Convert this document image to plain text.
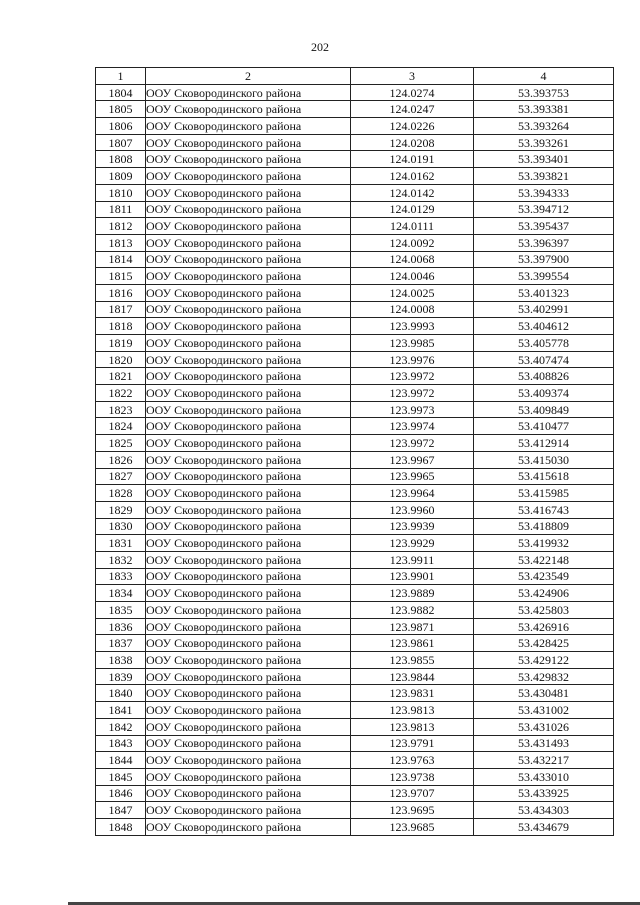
202
1	2	3	4
1804	ООУ Сковородинского района	124.0274	53.393753
1805	ООУ Сковородинского района	124.0247	53.393381
1806	ООУ Сковородинского района	124.0226	53.393264
1807	ООУ Сковородинского района	124.0208	53.393261
1808	ООУ Сковородинского района	124.0191	53.393401
1809	ООУ Сковородинского района	124.0162	53.393821
1810	ООУ Сковородинского района	124.0142	53.394333
1811	ООУ Сковородинского района	124.0129	53.394712
1812	ООУ Сковородинского района	124.0111	53.395437
1813	ООУ Сковородинского района	124.0092	53.396397
1814	ООУ Сковородинского района	124.0068	53.397900
1815	ООУ Сковородинского района	124.0046	53.399554
1816	ООУ Сковородинского района	124.0025	53.401323
1817	ООУ Сковородинского района	124.0008	53.402991
1818	ООУ Сковородинского района	123.9993	53.404612
1819	ООУ Сковородинского района	123.9985	53.405778
1820	ООУ Сковородинского района	123.9976	53.407474
1821	ООУ Сковородинского района	123.9972	53.408826
1822	ООУ Сковородинского района	123.9972	53.409374
1823	ООУ Сковородинского района	123.9973	53.409849
1824	ООУ Сковородинского района	123.9974	53.410477
1825	ООУ Сковородинского района	123.9972	53.412914
1826	ООУ Сковородинского района	123.9967	53.415030
1827	ООУ Сковородинского района	123.9965	53.415618
1828	ООУ Сковородинского района	123.9964	53.415985
1829	ООУ Сковородинского района	123.9960	53.416743
1830	ООУ Сковородинского района	123.9939	53.418809
1831	ООУ Сковородинского района	123.9929	53.419932
1832	ООУ Сковородинского района	123.9911	53.422148
1833	ООУ Сковородинского района	123.9901	53.423549
1834	ООУ Сковородинского района	123.9889	53.424906
1835	ООУ Сковородинского района	123.9882	53.425803
1836	ООУ Сковородинского района	123.9871	53.426916
1837	ООУ Сковородинского района	123.9861	53.428425
1838	ООУ Сковородинского района	123.9855	53.429122
1839	ООУ Сковородинского района	123.9844	53.429832
1840	ООУ Сковородинского района	123.9831	53.430481
1841	ООУ Сковородинского района	123.9813	53.431002
1842	ООУ Сковородинского района	123.9813	53.431026
1843	ООУ Сковородинского района	123.9791	53.431493
1844	ООУ Сковородинского района	123.9763	53.432217
1845	ООУ Сковородинского района	123.9738	53.433010
1846	ООУ Сковородинского района	123.9707	53.433925
1847	ООУ Сковородинского района	123.9695	53.434303
1848	ООУ Сковородинского района	123.9685	53.434679
